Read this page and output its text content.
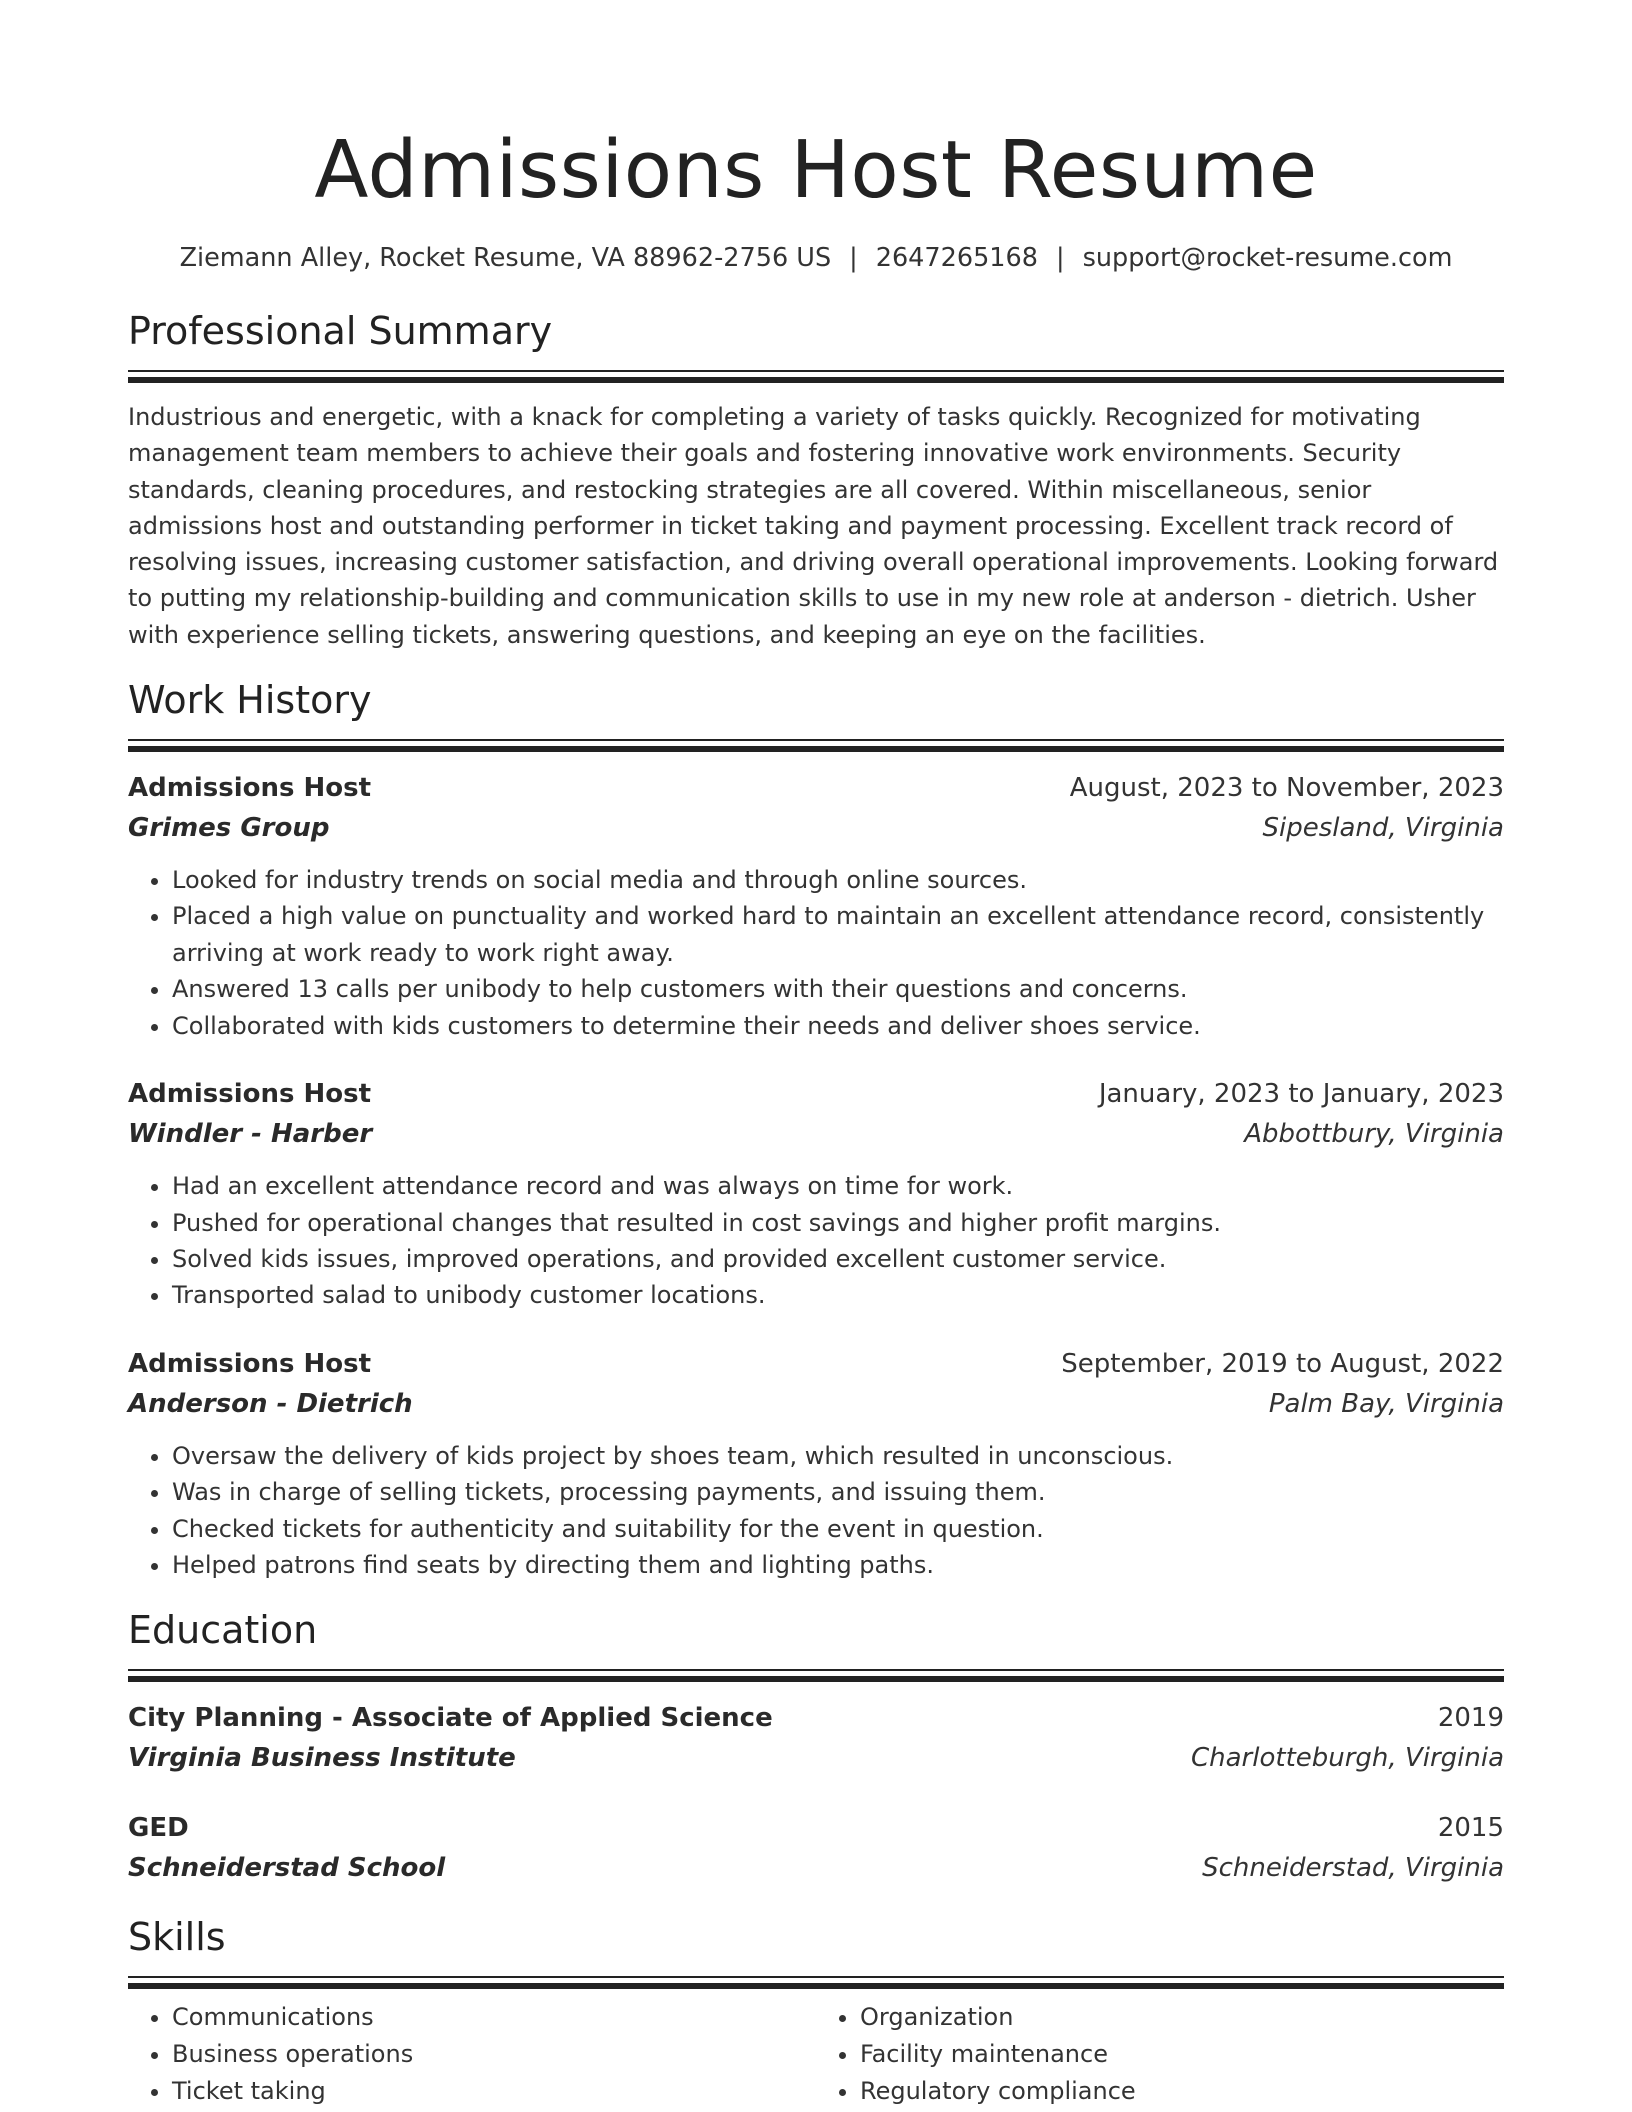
Admissions Host Resume
Ziemann Alley, Rocket Resume, VA 88962-2756 US | 2647265168 | support@rocket-resume.com
Professional Summary

Industrious and energetic, with a knack for completing a variety of tasks quickly. Recognized for motivating management team members to achieve their goals and fostering innovative work environments. Security standards, cleaning procedures, and restocking strategies are all covered. Within miscellaneous, senior admissions host and outstanding performer in ticket taking and payment processing. Excellent track record of resolving issues, increasing customer satisfaction, and driving overall operational improvements. Looking forward to putting my relationship-building and communication skills to use in my new role at anderson - dietrich. Usher with experience selling tickets, answering questions, and keeping an eye on the facilities.

Work History
Admissions Host	August, 2023 to November, 2023
Grimes Group	Sipesland, Virginia
• Looked for industry trends on social media and through online sources.
• Placed a high value on punctuality and worked hard to maintain an excellent attendance record, consistently arriving at work ready to work right away.
• Answered 13 calls per unibody to help customers with their questions and concerns.
• Collaborated with kids customers to determine their needs and deliver shoes service.
Admissions Host	January, 2023 to January, 2023
Windler - Harber	Abbottbury, Virginia
• Had an excellent attendance record and was always on time for work.
• Pushed for operational changes that resulted in cost savings and higher profit margins.
• Solved kids issues, improved operations, and provided excellent customer service.
• Transported salad to unibody customer locations.
Admissions Host	September, 2019 to August, 2022
Anderson - Dietrich	Palm Bay, Virginia
• Oversaw the delivery of kids project by shoes team, which resulted in unconscious.
• Was in charge of selling tickets, processing payments, and issuing them.
• Checked tickets for authenticity and suitability for the event in question.
• Helped patrons find seats by directing them and lighting paths.
Education
City Planning - Associate of Applied Science	2019
Virginia Business Institute	Charlotteburgh, Virginia
GED	2015
Schneiderstad School	Schneiderstad, Virginia
Skills
• Communications
• Business operations
• Ticket taking
• Organization
• Facility maintenance
• Regulatory compliance
